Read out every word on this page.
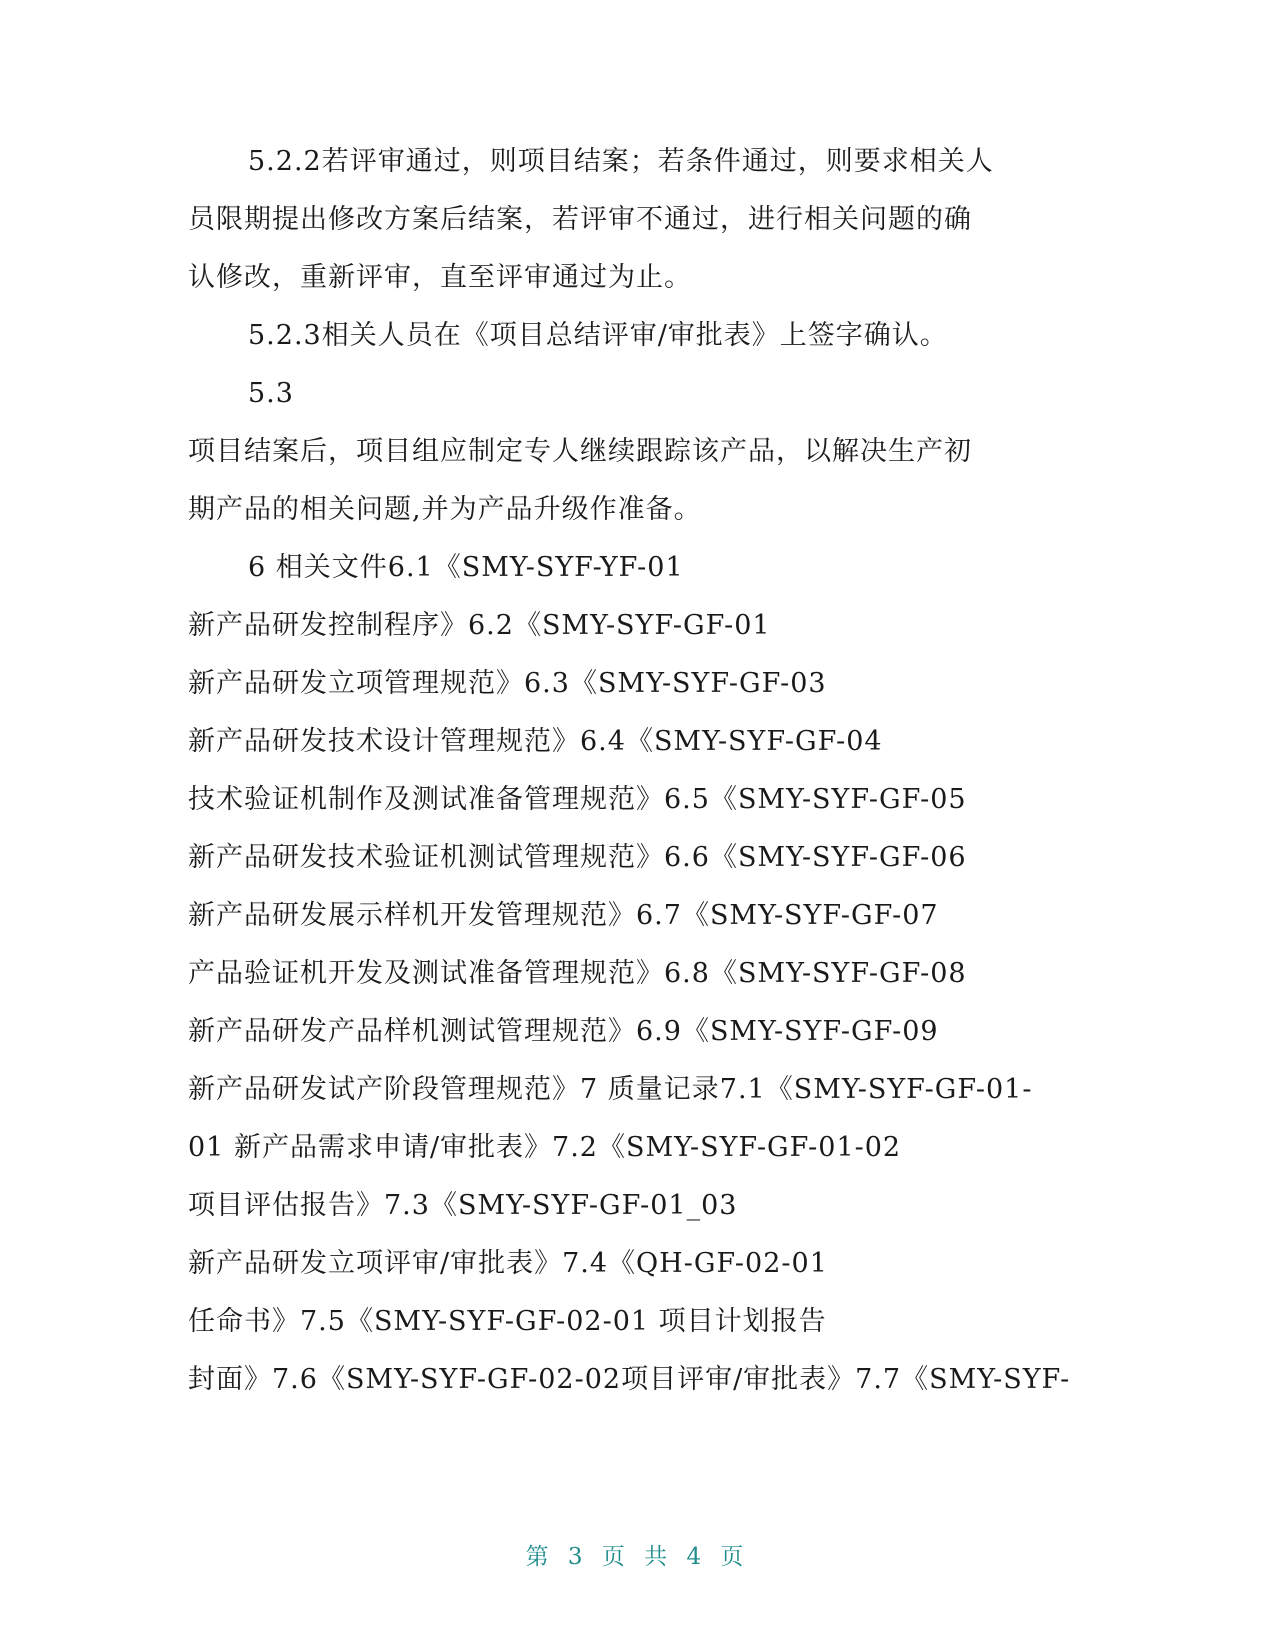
5.2.2若评审通过，则项目结案；若条件通过，则要求相关人
员限期提出修改方案后结案，若评审不通过，进行相关问题的确
认修改，重新评审，直至评审通过为止。
5.2.3相关人员在《项目总结评审/审批表》上签字确认。
5.3
项目结案后，项目组应制定专人继续跟踪该产品，以解决生产初
期产品的相关问题,并为产品升级作准备。
6 相关文件6.1《SMY-SYF-YF-01
新产品研发控制程序》6.2《SMY-SYF-GF-01
新产品研发立项管理规范》6.3《SMY-SYF-GF-03
新产品研发技术设计管理规范》6.4《SMY-SYF-GF-04
技术验证机制作及测试准备管理规范》6.5《SMY-SYF-GF-05
新产品研发技术验证机测试管理规范》6.6《SMY-SYF-GF-06
新产品研发展示样机开发管理规范》6.7《SMY-SYF-GF-07
产品验证机开发及测试准备管理规范》6.8《SMY-SYF-GF-08
新产品研发产品样机测试管理规范》6.9《SMY-SYF-GF-09
新产品研发试产阶段管理规范》7 质量记录7.1《SMY-SYF-GF-01-
01 新产品需求申请/审批表》7.2《SMY-SYF-GF-01-02
项目评估报告》7.3《SMY-SYF-GF-01_03
新产品研发立项评审/审批表》7.4《QH-GF-02-01
任命书》7.5《SMY-SYF-GF-02-01 项目计划报告
封面》7.6《SMY-SYF-GF-02-02项目评审/审批表》7.7《SMY-SYF-
第 3 页 共 4 页
